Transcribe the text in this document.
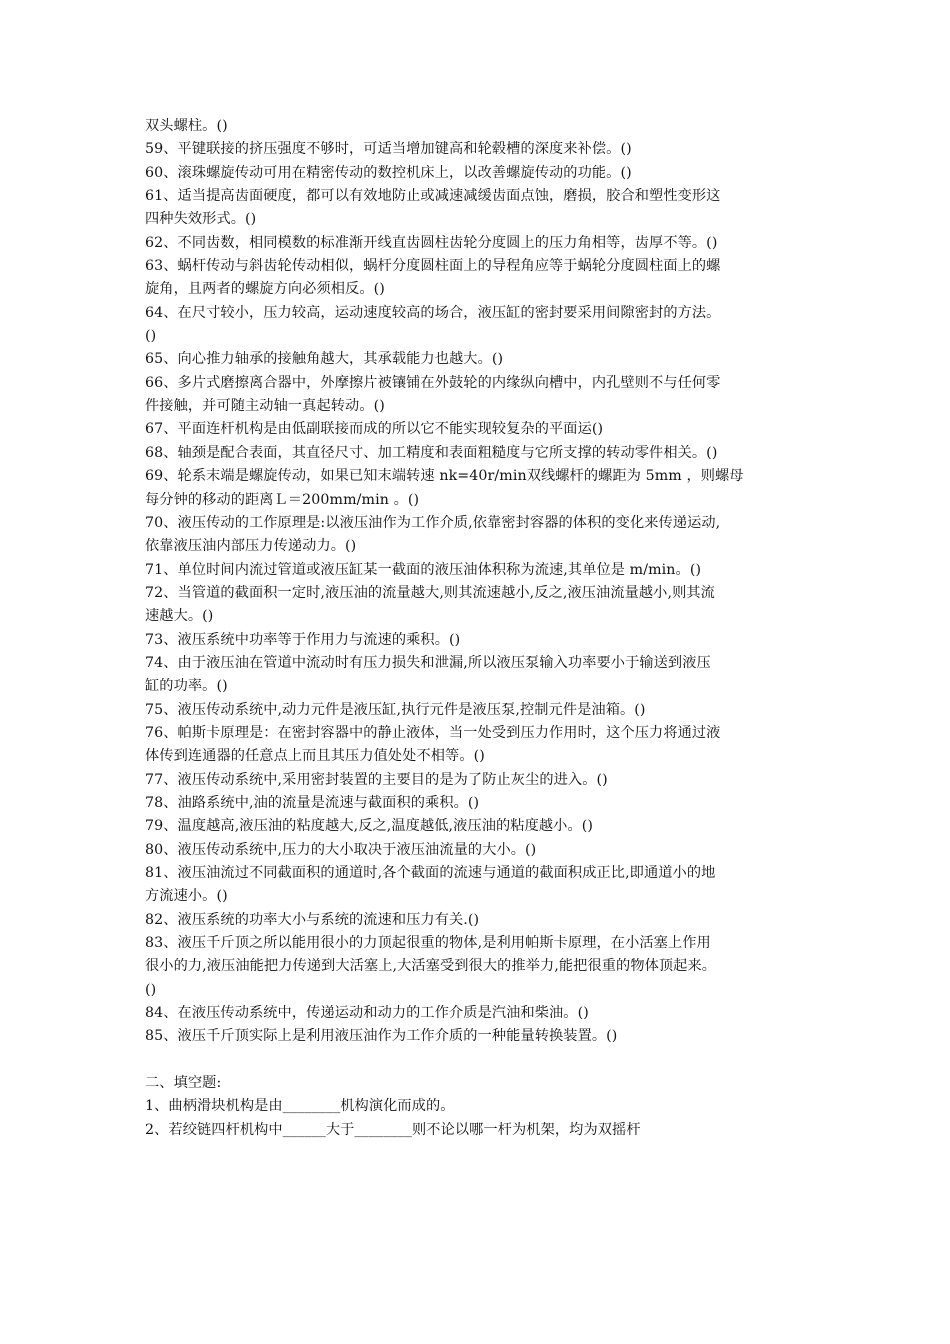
双头螺柱。()
59、平键联接的挤压强度不够时，可适当增加键高和轮毂槽的深度来补偿。()
60、滚珠螺旋传动可用在精密传动的数控机床上，以改善螺旋传动的功能。()
61、适当提高齿面硬度，都可以有效地防止或减速减缓齿面点蚀，磨损，胶合和塑性变形这
四种失效形式。()
62、不同齿数，相同模数的标准渐开线直齿圆柱齿轮分度圆上的压力角相等，齿厚不等。()
63、蜗杆传动与斜齿轮传动相似，蜗杆分度圆柱面上的导程角应等于蜗轮分度圆柱面上的螺
旋角，且两者的螺旋方向必须相反。()
64、在尺寸较小，压力较高，运动速度较高的场合，液压缸的密封要采用间隙密封的方法。
()
65、向心推力轴承的接触角越大，其承载能力也越大。()
66、多片式磨擦离合器中，外摩擦片被镶铺在外鼓轮的内缘纵向槽中，内孔壁则不与任何零
件接触，并可随主动轴一真起转动。()
67、平面连杆机构是由低副联接而成的所以它不能实现较复杂的平面运()
68、轴颈是配合表面，其直径尺寸、加工精度和表面粗糙度与它所支撑的转动零件相关。()
69、轮系末端是螺旋传动，如果已知末端转速 nk=40r/min双线螺杆的螺距为 5mm ，则螺母
每分钟的移动的距离Ｌ＝200mm/min 。()
70、液压传动的工作原理是:以液压油作为工作介质,依靠密封容器的体积的变化来传递运动,
依靠液压油内部压力传递动力。()
71、单位时间内流过管道或液压缸某一截面的液压油体积称为流速,其单位是 m/min。()
72、当管道的截面积一定时,液压油的流量越大,则其流速越小,反之,液压油流量越小,则其流
速越大。()
73、液压系统中功率等于作用力与流速的乘积。()
74、由于液压油在管道中流动时有压力损失和泄漏,所以液压泵输入功率要小于输送到液压
缸的功率。()
75、液压传动系统中,动力元件是液压缸,执行元件是液压泵,控制元件是油箱。()
76、帕斯卡原理是：在密封容器中的静止液体，当一处受到压力作用时，这个压力将通过液
体传到连通器的任意点上而且其压力值处处不相等。()
77、液压传动系统中,采用密封装置的主要目的是为了防止灰尘的进入。()
78、油路系统中,油的流量是流速与截面积的乘积。()
79、温度越高,液压油的粘度越大,反之,温度越低,液压油的粘度越小。()
80、液压传动系统中,压力的大小取决于液压油流量的大小。()
81、液压油流过不同截面积的通道时,各个截面的流速与通道的截面积成正比,即通道小的地
方流速小。()
82、液压系统的功率大小与系统的流速和压力有关.()
83、液压千斤顶之所以能用很小的力顶起很重的物体,是利用帕斯卡原理，在小活塞上作用
很小的力,液压油能把力传递到大活塞上,大活塞受到很大的推举力,能把很重的物体顶起来。
()
84、在液压传动系统中，传递运动和动力的工作介质是汽油和柴油。()
85、液压千斤顶实际上是利用液压油作为工作介质的一种能量转换装置。()
二、填空题:
1、曲柄滑块机构是由________机构演化而成的。
2、若绞链四杆机构中______大于________则不论以哪一杆为机架，均为双摇杆
